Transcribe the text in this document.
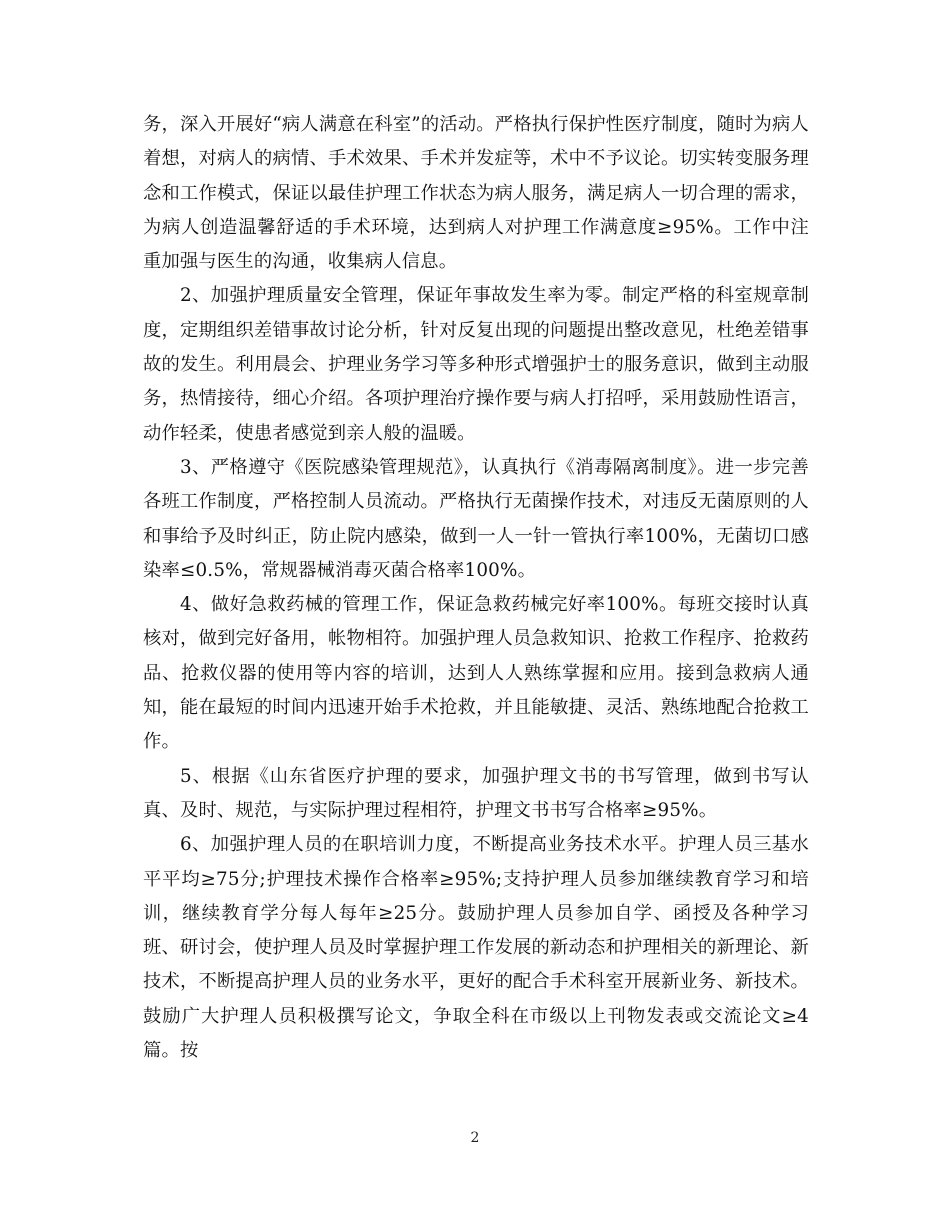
务，深入开展好“病人满意在科室”的活动。严格执行保护性医疗制度，随时为病人着想，对病人的病情、手术效果、手术并发症等，术中不予议论。切实转变服务理念和工作模式，保证以最佳护理工作状态为病人服务，满足病人一切合理的需求，为病人创造温馨舒适的手术环境，达到病人对护理工作满意度≥95%。工作中注重加强与医生的沟通，收集病人信息。

2、加强护理质量安全管理，保证年事故发生率为零。制定严格的科室规章制度，定期组织差错事故讨论分析，针对反复出现的问题提出整改意见，杜绝差错事故的发生。利用晨会、护理业务学习等多种形式增强护士的服务意识，做到主动服务，热情接待，细心介绍。各项护理治疗操作要与病人打招呼，采用鼓励性语言，动作轻柔，使患者感觉到亲人般的温暖。

3、严格遵守《医院感染管理规范》，认真执行《消毒隔离制度》。进一步完善各班工作制度，严格控制人员流动。严格执行无菌操作技术，对违反无菌原则的人和事给予及时纠正，防止院内感染，做到一人一针一管执行率100%，无菌切口感染率≤0.5%，常规器械消毒灭菌合格率100%。

4、做好急救药械的管理工作，保证急救药械完好率100%。每班交接时认真核对，做到完好备用，帐物相符。加强护理人员急救知识、抢救工作程序、抢救药品、抢救仪器的使用等内容的培训，达到人人熟练掌握和应用。接到急救病人通知，能在最短的时间内迅速开始手术抢救，并且能敏捷、灵活、熟练地配合抢救工作。

5、根据《山东省医疗护理的要求，加强护理文书的书写管理，做到书写认真、及时、规范，与实际护理过程相符，护理文书书写合格率≥95%。

6、加强护理人员的在职培训力度，不断提高业务技术水平。护理人员三基水平平均≥75分;护理技术操作合格率≥95%;支持护理人员参加继续教育学习和培训，继续教育学分每人每年≥25分。鼓励护理人员参加自学、函授及各种学习班、研讨会，使护理人员及时掌握护理工作发展的新动态和护理相关的新理论、新技术，不断提高护理人员的业务水平，更好的配合手术科室开展新业务、新技术。鼓励广大护理人员积极撰写论文，争取全科在市级以上刊物发表或交流论文≥4篇。按

2
